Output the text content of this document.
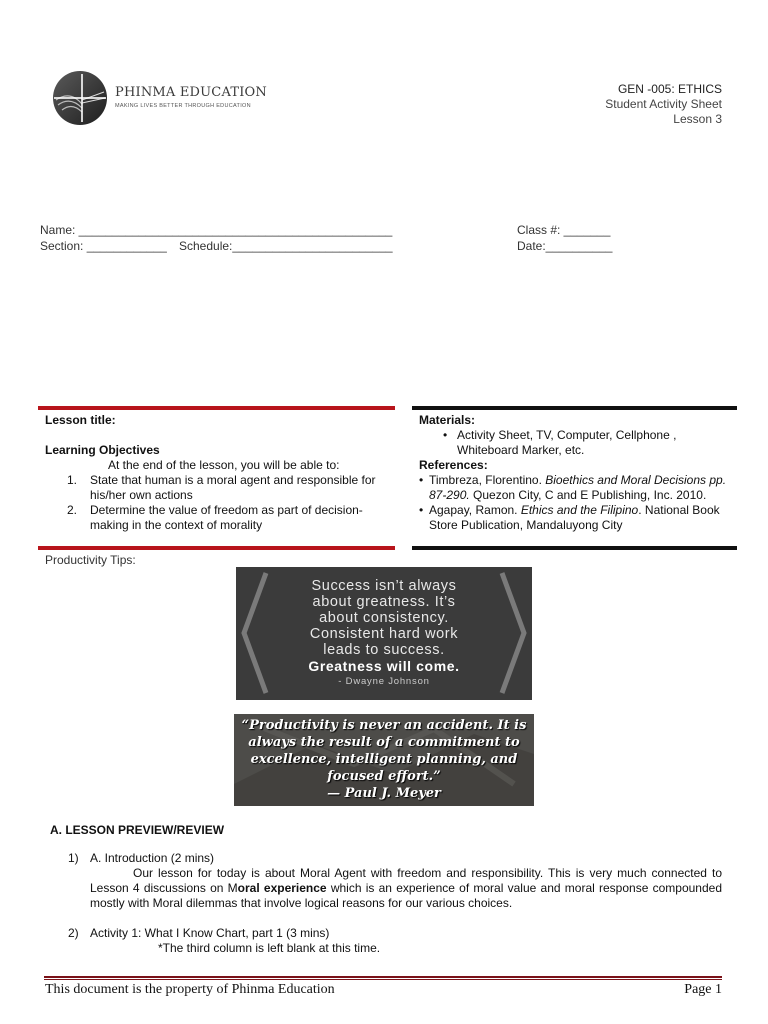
PHINMA EDUCATION
MAKING LIVES BETTER THROUGH EDUCATION
GEN -005: ETHICS
Student Activity Sheet
Lesson 3
Name: _______________________________________________
Section: ____________ Schedule:________________________
Class #: _______
Date:__________
Lesson title:
Learning Objectives
At the end of the lesson, you will be able to:
1.	State that human is a moral agent and responsible for his/her own actions
2.	Determine the value of freedom as part of decision-making in the context of morality
Materials:
• Activity Sheet, TV, Computer, Cellphone , Whiteboard Marker, etc.
References:
• Timbreza, Florentino. Bioethics and Moral Decisions pp. 87-290. Quezon City, C and E Publishing, Inc. 2010.
• Agapay, Ramon. Ethics and the Filipino. National Book Store Publication, Mandaluyong City
Productivity Tips:
Success isn’t always
about greatness. It’s
about consistency.
Consistent hard work
leads to success.
Greatness will come.
- Dwayne Johnson
“Productivity is never an accident. It is
always the result of a commitment to
excellence, intelligent planning, and
focused effort.”
— Paul J. Meyer
A. LESSON PREVIEW/REVIEW
1) A. Introduction (2 mins)
Our lesson for today is about Moral Agent with freedom and responsibility. This is very much connected to Lesson 4 discussions on Moral experience which is an experience of moral value and moral response compounded mostly with Moral dilemmas that involve logical reasons for our various choices.
2) Activity 1: What I Know Chart, part 1 (3 mins)
*The third column is left blank at this time.
This document is the property of Phinma Education	Page 1
